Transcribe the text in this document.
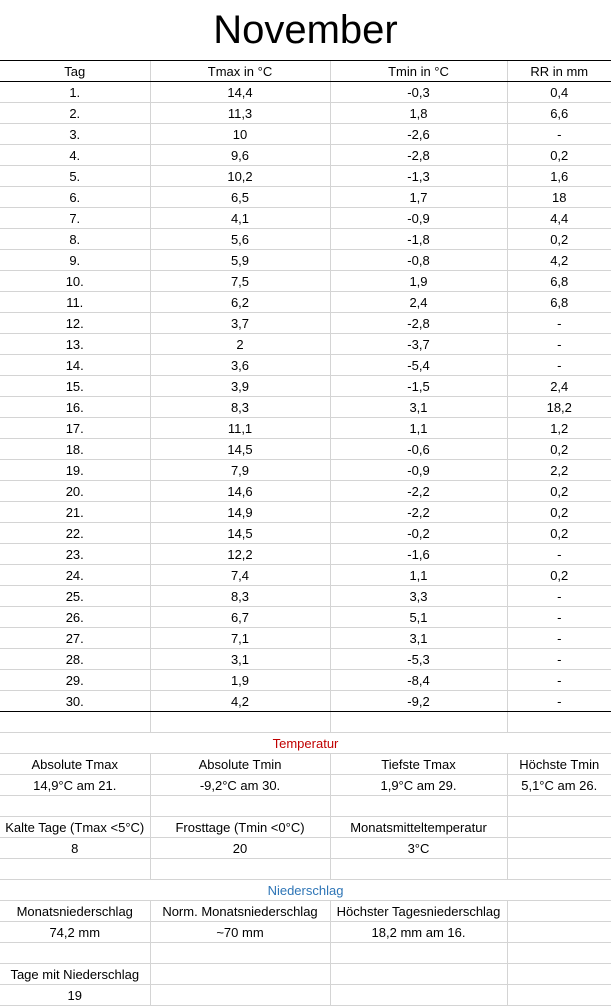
November
Tag	Tmax in °C	Tmin in °C	RR in mm
1.	14,4	-0,3	0,4
2.	11,3	1,8	6,6
3.	10	-2,6	-
4.	9,6	-2,8	0,2
5.	10,2	-1,3	1,6
6.	6,5	1,7	18
7.	4,1	-0,9	4,4
8.	5,6	-1,8	0,2
9.	5,9	-0,8	4,2
10.	7,5	1,9	6,8
11.	6,2	2,4	6,8
12.	3,7	-2,8	-
13.	2	-3,7	-
14.	3,6	-5,4	-
15.	3,9	-1,5	2,4
16.	8,3	3,1	18,2
17.	11,1	1,1	1,2
18.	14,5	-0,6	0,2
19.	7,9	-0,9	2,2
20.	14,6	-2,2	0,2
21.	14,9	-2,2	0,2
22.	14,5	-0,2	0,2
23.	12,2	-1,6	-
24.	7,4	1,1	0,2
25.	8,3	3,3	-
26.	6,7	5,1	-
27.	7,1	3,1	-
28.	3,1	-5,3	-
29.	1,9	-8,4	-
30.	4,2	-9,2	-

Temperatur			
Absolute Tmax	Absolute Tmin	Tiefste Tmax	Höchste Tmin
14,9°C am 21.	-9,2°C am 30.	1,9°C am 29.	5,1°C am 26.

Kalte Tage (Tmax <5°C)	Frosttage (Tmin <0°C)	Monatsmitteltemperatur	
8	20	3°C	

Niederschlag			
Monatsniederschlag	Norm. Monatsniederschlag	Höchster Tagesniederschlag	
74,2 mm	~70 mm	18,2 mm am 16.	

Tage mit Niederschlag			
19			
